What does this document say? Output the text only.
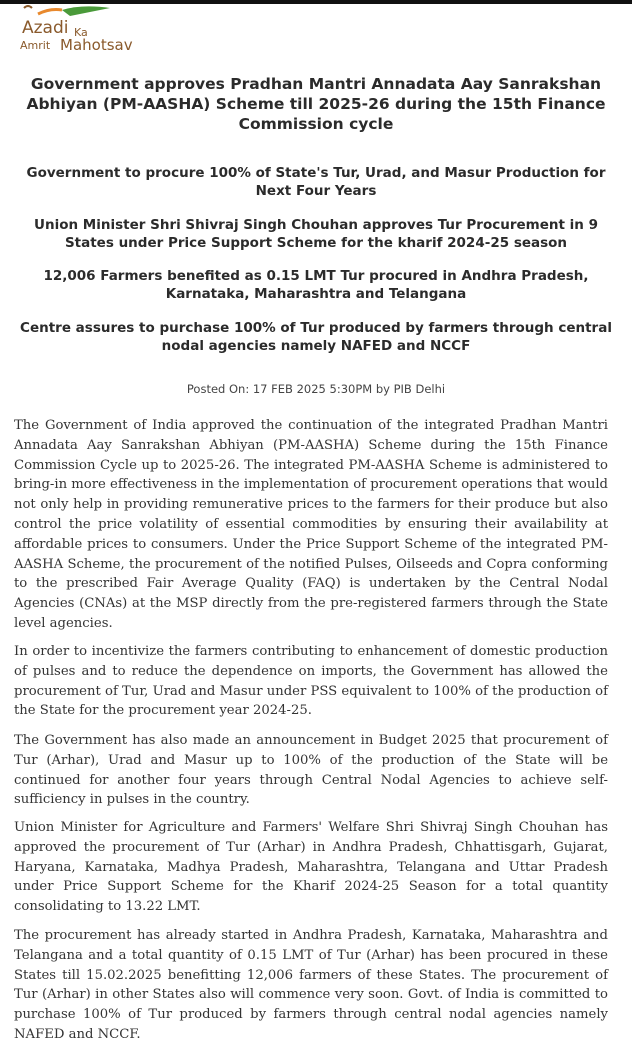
Azadi Ka
Amrit Mahotsav
Government approves Pradhan Mantri Annadata Aay Sanrakshan Abhiyan (PM-AASHA) Scheme till 2025-26 during the 15th Finance Commission cycle
Government to procure 100% of State's Tur, Urad, and Masur Production for Next Four Years
Union Minister Shri Shivraj Singh Chouhan approves Tur Procurement in 9 States under Price Support Scheme for the kharif 2024-25 season
12,006 Farmers benefited as 0.15 LMT Tur procured in Andhra Pradesh, Karnataka, Maharashtra and Telangana
Centre assures to purchase 100% of Tur produced by farmers through central nodal agencies namely NAFED and NCCF
Posted On: 17 FEB 2025 5:30PM by PIB Delhi

The Government of India approved the continuation of the integrated Pradhan Mantri Annadata Aay Sanrakshan Abhiyan (PM-AASHA) Scheme during the 15th Finance Commission Cycle up to 2025-26. The integrated PM-AASHA Scheme is administered to bring-in more effectiveness in the implementation of procurement operations that would not only help in providing remunerative prices to the farmers for their produce but also control the price volatility of essential commodities by ensuring their availability at affordable prices to consumers. Under the Price Support Scheme of the integrated PM-AASHA Scheme, the procurement of the notified Pulses, Oilseeds and Copra conforming to the prescribed Fair Average Quality (FAQ) is undertaken by the Central Nodal Agencies (CNAs) at the MSP directly from the pre-registered farmers through the State level agencies.

In order to incentivize the farmers contributing to enhancement of domestic production of pulses and to reduce the dependence on imports, the Government has allowed the procurement of Tur, Urad and Masur under PSS equivalent to 100% of the production of the State for the procurement year 2024-25.

The Government has also made an announcement in Budget 2025 that procurement of Tur (Arhar), Urad and Masur up to 100% of the production of the State will be continued for another four years through Central Nodal Agencies to achieve self- sufficiency in pulses in the country.

Union Minister for Agriculture and Farmers' Welfare Shri Shivraj Singh Chouhan has approved the procurement of Tur (Arhar) in Andhra Pradesh, Chhattisgarh, Gujarat, Haryana, Karnataka, Madhya Pradesh, Maharashtra, Telangana and Uttar Pradesh under Price Support Scheme for the Kharif 2024-25 Season for a total quantity consolidating to 13.22 LMT.

The procurement has already started in Andhra Pradesh, Karnataka, Maharashtra and Telangana and a total quantity of 0.15 LMT of Tur (Arhar) has been procured in these States till 15.02.2025 benefitting 12,006 farmers of these States. The procurement of Tur (Arhar) in other States also will commence very soon. Govt. of India is committed to purchase 100% of Tur produced by farmers through central nodal agencies namely NAFED and NCCF.
